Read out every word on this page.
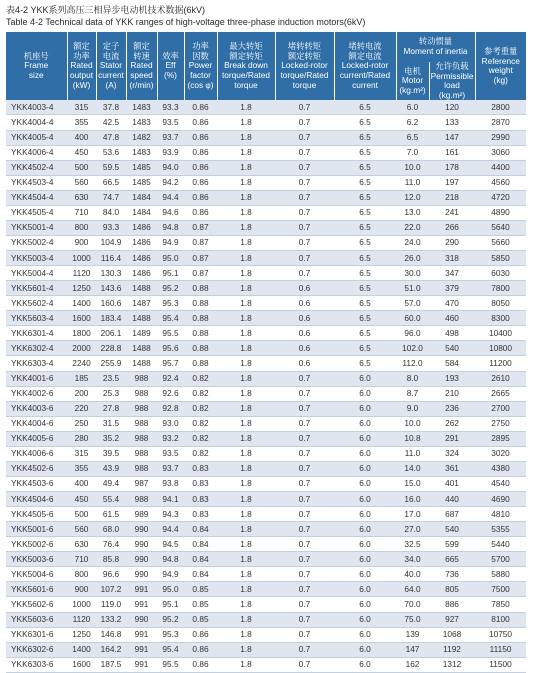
表4-2 YKK系列高压三相异步电动机技术数据(6kV)
Table 4-2 Technical data of YKK ranges of high-voltage three-phase induction motors(6kV)
机座号
Frame
size	额定
功率
Rated
output
(kW)	定子
电流
Stator
current
(A)	额定
转速
Rated
speed
(r/min)	效率
Eff
(%)	功率
因数
Power
factor
(cos φ)	最大转矩
额定转矩
Break down
torque/Rated
torque	堵转转矩
额定转矩
Locked-rotor
torque/Rated
torque	堵转电流
额定电流
Locked-rotor
current/Rated
current	转动惯量
Moment of inertia		参考重量
Reference
weight
(kg)

									电机
Motor
(kg.m²)	允许负载
Permissible
load
(kg.m²)	

YKK4003-4	315	37.8	1483	93.3	0.86	1.8	0.7	6.5	6.0	120	2800
YKK4004-4	355	42.5	1483	93.5	0.86	1.8	0.7	6.5	6.2	133	2870
YKK4005-4	400	47.8	1482	93.7	0.86	1.8	0.7	6.5	6.5	147	2990
YKK4006-4	450	53.6	1483	93.9	0.86	1.8	0.7	6.5	7.0	161	3060
YKK4502-4	500	59.5	1485	94.0	0.86	1.8	0.7	6.5	10.0	178	4400
YKK4503-4	560	66.5	1485	94.2	0.86	1.8	0.7	6.5	11.0	197	4560
YKK4504-4	630	74.7	1484	94.4	0.86	1.8	0.7	6.5	12.0	218	4720
YKK4505-4	710	84.0	1484	94.6	0.86	1.8	0.7	6.5	13.0	241	4890
YKK5001-4	800	93.3	1486	94.8	0.87	1.8	0.7	6.5	22.0	266	5640
YKK5002-4	900	104.9	1486	94.9	0.87	1.8	0.7	6.5	24.0	290	5660
YKK5003-4	1000	116.4	1486	95.0	0.87	1.8	0.7	6.5	26.0	318	5850
YKK5004-4	1120	130.3	1486	95.1	0.87	1.8	0.7	6.5	30.0	347	6030
YKK5601-4	1250	143.6	1488	95.2	0.88	1.8	0.6	6.5	51.0	379	7800
YKK5602-4	1400	160.6	1487	95.3	0.88	1.8	0.6	6.5	57.0	470	8050
YKK5603-4	1600	183.4	1488	95.4	0.88	1.8	0.6	6.5	60.0	460	8300
YKK6301-4	1800	206.1	1489	95.5	0.88	1.8	0.6	6.5	96.0	498	10400
YKK6302-4	2000	228.8	1488	95.6	0.88	1.8	0.6	6.5	102.0	540	10800
YKK6303-4	2240	255.9	1488	95.7	0.88	1.8	0.6	6.5	112.0	584	11200
YKK4001-6	185	23.5	988	92.4	0.82	1.8	0.7	6.0	8.0	193	2610
YKK4002-6	200	25.3	988	92.6	0.82	1.8	0.7	6.0	8.7	210	2665
YKK4003-6	220	27.8	988	92.8	0.82	1.8	0.7	6.0	9.0	236	2700
YKK4004-6	250	31.5	988	93.0	0.82	1.8	0.7	6.0	10.0	262	2750
YKK4005-6	280	35.2	988	93.2	0.82	1.8	0.7	6.0	10.8	291	2895
YKK4006-6	315	39.5	988	93.5	0.82	1.8	0.7	6.0	11.0	324	3020
YKK4502-6	355	43.9	988	93.7	0.83	1.8	0.7	6.0	14.0	361	4380
YKK4503-6	400	49.4	987	93.8	0.83	1.8	0.7	6.0	15.0	401	4540
YKK4504-6	450	55.4	988	94.1	0.83	1.8	0.7	6.0	16.0	440	4690
YKK4505-6	500	61.5	989	94.3	0.83	1.8	0.7	6.0	17.0	687	4810
YKK5001-6	560	68.0	990	94.4	0.84	1.8	0.7	6.0	27.0	540	5355
YKK5002-6	630	76.4	990	94.5	0.84	1.8	0.7	6.0	32.5	599	5440
YKK5003-6	710	85.8	990	94.8	0.84	1.8	0.7	6.0	34.0	665	5700
YKK5004-6	800	96.6	990	94.9	0.84	1.8	0.7	6.0	40.0	736	5880
YKK5601-6	900	107.2	991	95.0	0.85	1.8	0.7	6.0	64.0	805	7500
YKK5602-6	1000	119.0	991	95.1	0.85	1.8	0.7	6.0	70.0	886	7850
YKK5603-6	1120	133.2	990	95.2	0.85	1.8	0.7	6.0	75.0	927	8100
YKK6301-6	1250	146.8	991	95.3	0.86	1.8	0.7	6.0	139	1068	10750
YKK6302-6	1400	164.2	991	95.4	0.86	1.8	0.7	6.0	147	1192	11150
YKK6303-6	1600	187.5	991	95.5	0.86	1.8	0.7	6.0	162	1312	11500
